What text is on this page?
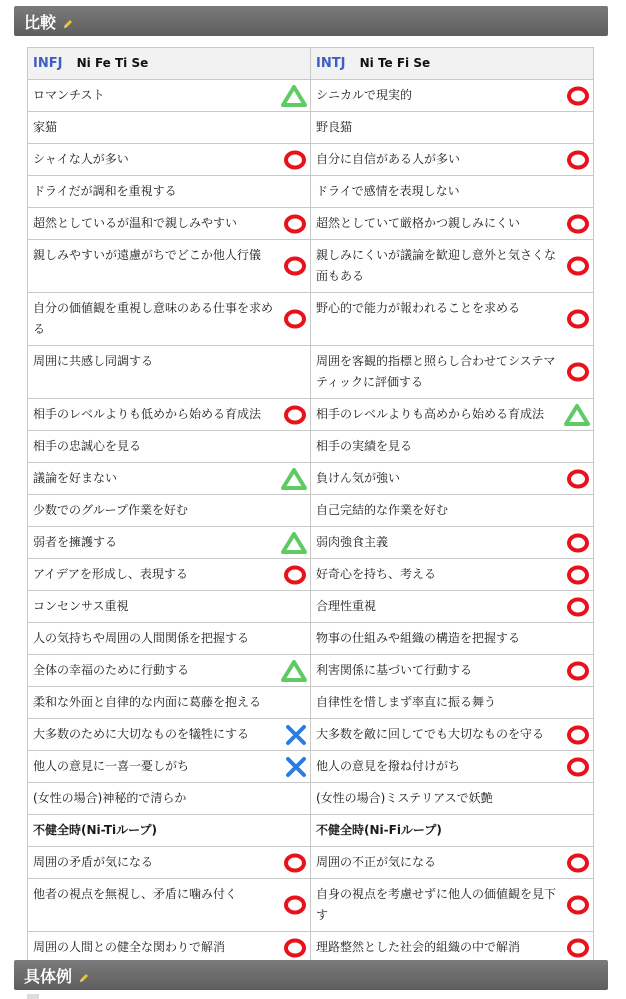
比較
INFJ Ni Fe Ti Se	INTJ Ni Te Fi Se
ロマンチスト	シニカルで現実的

家猫	野良猫
シャイな人が多い	自分に自信がある人が多い

ドライだが調和を重視する	ドライで感情を表現しない
超然としているが温和で親しみやすい	超然としていて厳格かつ親しみにくい

親しみやすいが遠慮がちでどこか他人行儀	親しみにくいが議論を歓迎し意外と気さくな面もある

自分の価値観を重視し意味のある仕事を求める	野心的で能力が報われることを求める

周囲に共感し同調する	周囲を客観的指標と照らし合わせてシステマティックに評価する

相手のレベルよりも低めから始める育成法	相手のレベルよりも高めから始める育成法

相手の忠誠心を見る	相手の実績を見る
議論を好まない	負けん気が強い

少数でのグループ作業を好む	自己完結的な作業を好む
弱者を擁護する	弱肉強食主義

アイデアを形成し、表現する	好奇心を持ち、考える

コンセンサス重視	合理性重視

人の気持ちや周囲の人間関係を把握する	物事の仕組みや組織の構造を把握する
全体の幸福のために行動する	利害関係に基づいて行動する

柔和な外面と自律的な内面に葛藤を抱える	自律性を惜しまず率直に振る舞う
大多数のために大切なものを犠牲にする	大多数を敵に回してでも大切なものを守る

他人の意見に一喜一憂しがち	他人の意見を撥ね付けがち

(女性の場合)神秘的で清らか	(女性の場合)ミステリアスで妖艶
不健全時(Ni-Tiループ)	不健全時(Ni-Fiループ)
周囲の矛盾が気になる	周囲の不正が気になる

他者の視点を無視し、矛盾に噛み付く	自身の視点を考慮せずに他人の価値観を見下す

周囲の人間との健全な関わりで解消	理路整然とした社会的組織の中で解消
具体例
